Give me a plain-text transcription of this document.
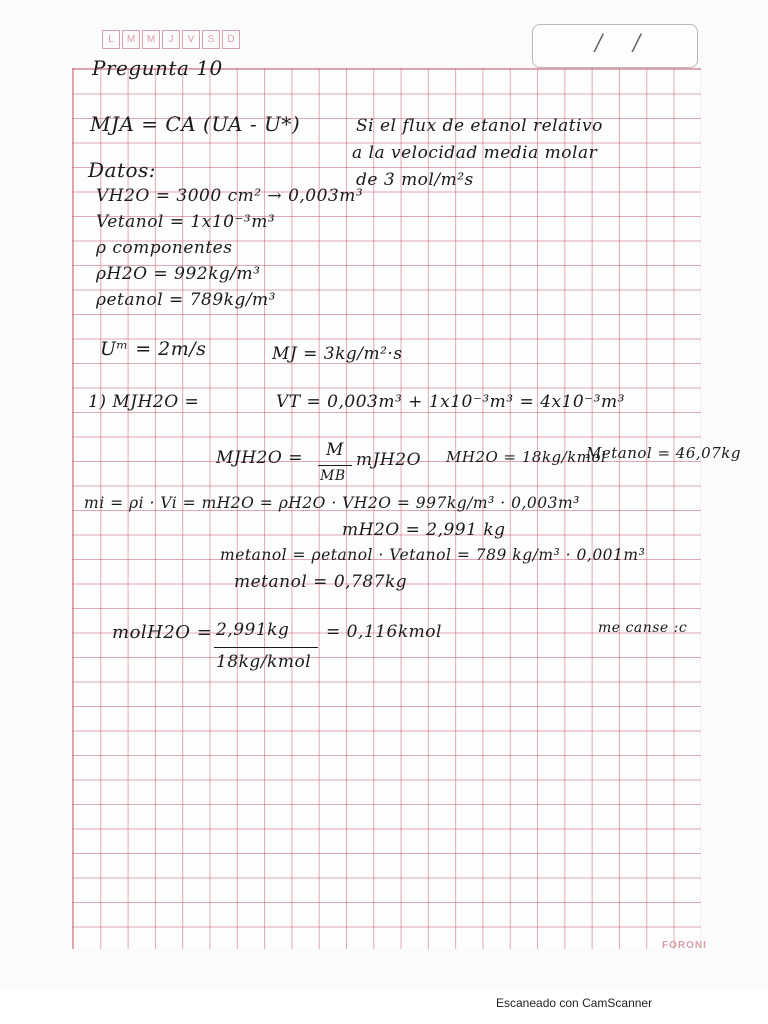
L	M	M	J	V	S	D	/ /
FORONI
Pregunta 10
MJA = CA (UA - U*)	Si el flux de etanol relativo
a la velocidad media molar
de 3 mol/m²s
Datos:
VH2O = 3000 cm² → 0,003m³
Vetanol = 1x10⁻³m³
ρ componentes
ρH2O = 992kg/m³
ρetanol = 789kg/m³
Uᵐ = 2m/s	MJ = 3kg/m²·s
1) MJH2O =	VT = 0,003m³ + 1x10⁻³m³ = 4x10⁻³m³
MJH2O = M
MB
mJH2O MH2O = 18kg/kmol
Metanol = 46,07kg
mi = ρi · Vi = mH2O = ρH2O · VH2O = 997kg/m³ · 0,003m³
mH2O = 2,991 kg
metanol = ρetanol · Vetanol = 789 kg/m³ · 0,001m³
metanol = 0,787kg
molH2O = 2,991kg
18kg/kmol
= 0,116kmol	me canse :c
Escaneado con CamScanner
